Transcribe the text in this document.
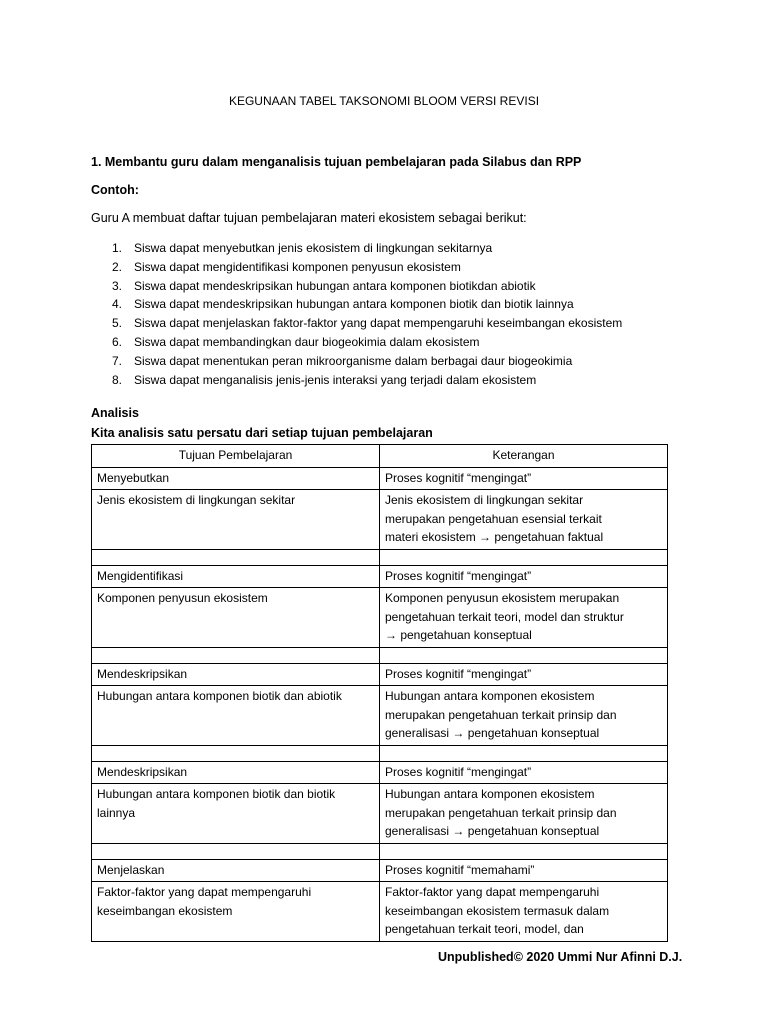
KEGUNAAN TABEL TAKSONOMI BLOOM VERSI REVISI
1. Membantu guru dalam menganalisis tujuan pembelajaran pada Silabus dan RPP
Contoh:
Guru A membuat daftar tujuan pembelajaran materi ekosistem sebagai berikut:
1. Siswa dapat menyebutkan jenis ekosistem di lingkungan sekitarnya
2. Siswa dapat mengidentifikasi komponen penyusun ekosistem
3. Siswa dapat mendeskripsikan hubungan antara komponen biotikdan abiotik
4. Siswa dapat mendeskripsikan hubungan antara komponen biotik dan biotik lainnya
5. Siswa dapat menjelaskan faktor-faktor yang dapat mempengaruhi keseimbangan ekosistem
6. Siswa dapat membandingkan daur biogeokimia dalam ekosistem
7. Siswa dapat menentukan peran mikroorganisme dalam berbagai daur biogeokimia
8. Siswa dapat menganalisis jenis-jenis interaksi yang terjadi dalam ekosistem
Analisis
Kita analisis satu persatu dari setiap tujuan pembelajaran
Tujuan Pembelajaran	Keterangan
Menyebutkan	Proses kognitif “mengingat”
Jenis ekosistem di lingkungan sekitar	Jenis ekosistem di lingkungan sekitar
merupakan pengetahuan esensial terkait
materi ekosistem → pengetahuan faktual

Mengidentifikasi	Proses kognitif “mengingat”
Komponen penyusun ekosistem	Komponen penyusun ekosistem merupakan
pengetahuan terkait teori, model dan struktur
→ pengetahuan konseptual

Mendeskripsikan	Proses kognitif “mengingat”
Hubungan antara komponen biotik dan abiotik	Hubungan antara komponen ekosistem
merupakan pengetahuan terkait prinsip dan
generalisasi → pengetahuan konseptual

Mendeskripsikan	Proses kognitif “mengingat”
Hubungan antara komponen biotik dan biotik lainnya	Hubungan antara komponen ekosistem
merupakan pengetahuan terkait prinsip dan
generalisasi → pengetahuan konseptual

Menjelaskan	Proses kognitif “memahami”
Faktor-faktor yang dapat mempengaruhi keseimbangan ekosistem	Faktor-faktor yang dapat mempengaruhi
keseimbangan ekosistem termasuk dalam
pengetahuan terkait teori, model, dan
Unpublished© 2020 Ummi Nur Afinni D.J.
